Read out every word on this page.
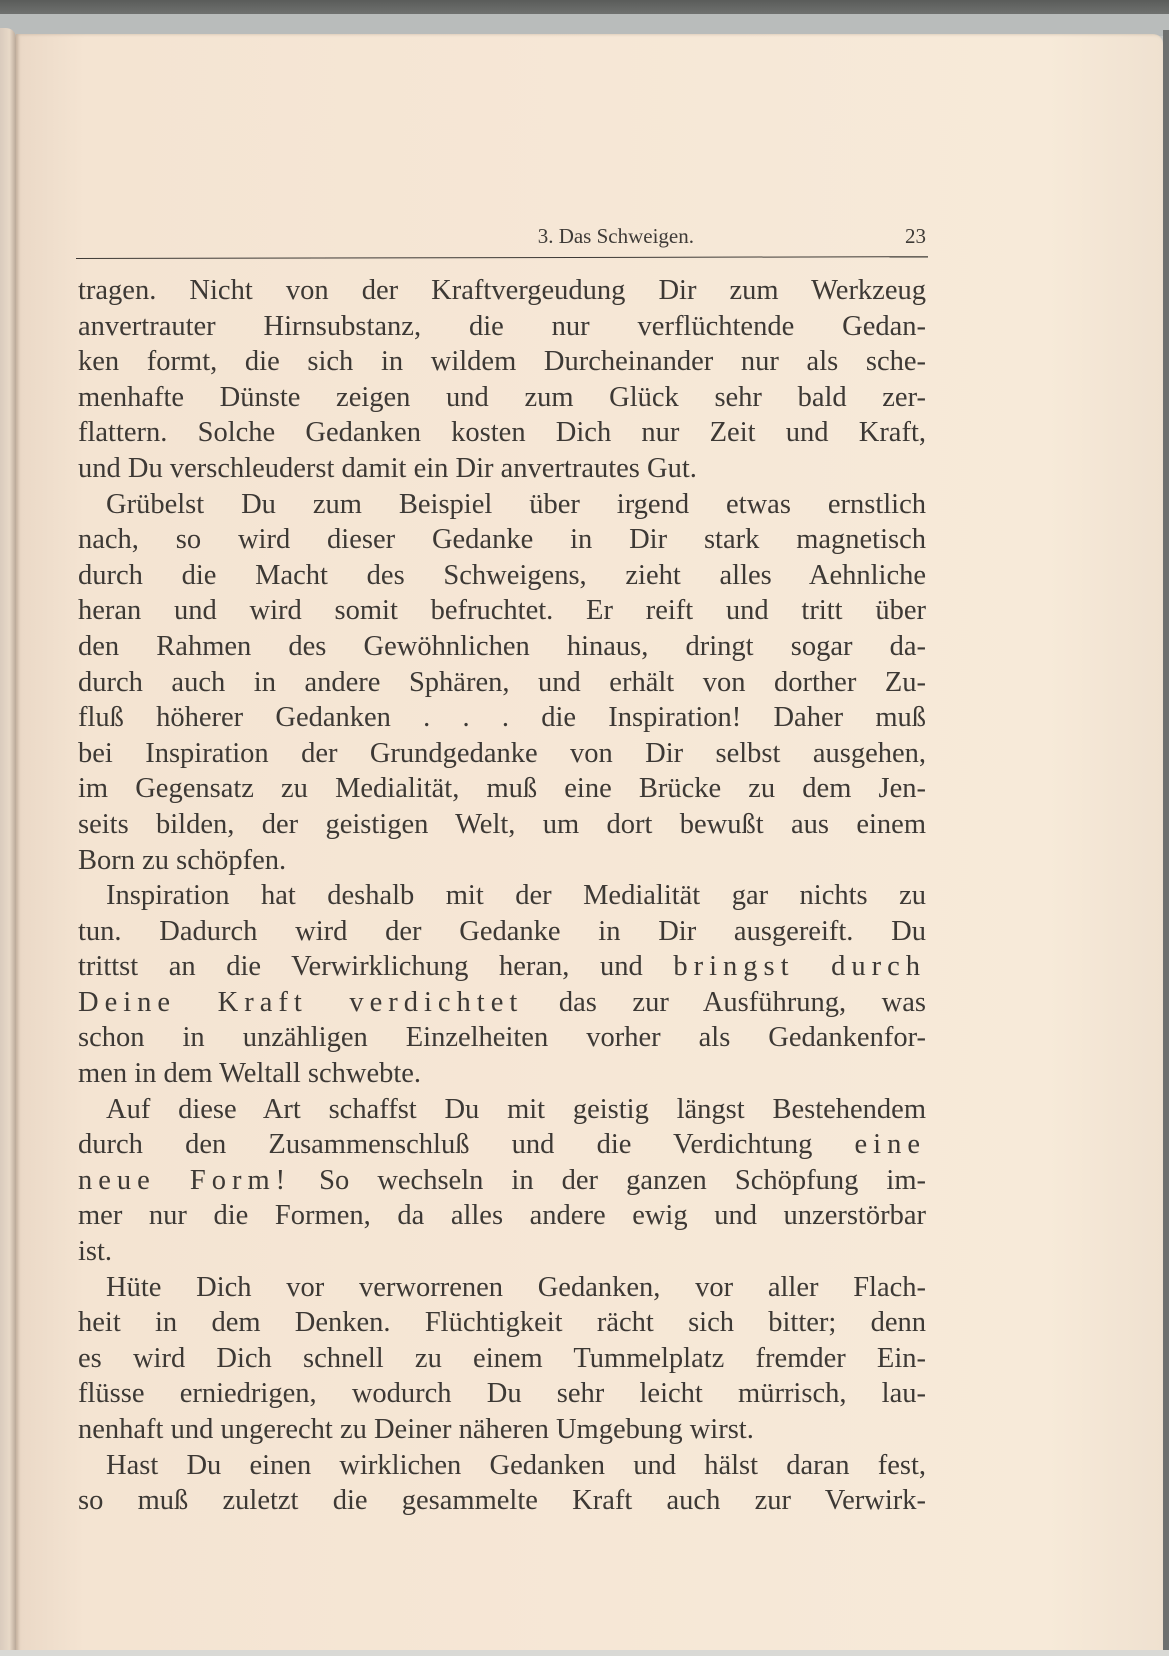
3. Das Schweigen.	23
tragen. Nicht von der Kraftvergeudung Dir zum Werkzeug
anvertrauter Hirnsubstanz, die nur verflüchtende Gedan-
ken formt, die sich in wildem Durcheinander nur als sche-
menhafte Dünste zeigen und zum Glück sehr bald zer-
flattern. Solche Gedanken kosten Dich nur Zeit und Kraft,
und Du verschleuderst damit ein Dir anvertrautes Gut.
Grübelst Du zum Beispiel über irgend etwas ernstlich
nach, so wird dieser Gedanke in Dir stark magnetisch
durch die Macht des Schweigens, zieht alles Aehnliche
heran und wird somit befruchtet. Er reift und tritt über
den Rahmen des Gewöhnlichen hinaus, dringt sogar da-
durch auch in andere Sphären, und erhält von dorther Zu-
fluß höherer Gedanken . . . die Inspiration! Daher muß
bei Inspiration der Grundgedanke von Dir selbst ausgehen,
im Gegensatz zu Medialität, muß eine Brücke zu dem Jen-
seits bilden, der geistigen Welt, um dort bewußt aus einem
Born zu schöpfen.
Inspiration hat deshalb mit der Medialität gar nichts zu
tun. Dadurch wird der Gedanke in Dir ausgereift. Du
trittst an die Verwirklichung heran, und bringst durch
Deine Kraft verdichtet das zur Ausführung, was
schon in unzähligen Einzelheiten vorher als Gedankenfor-
men in dem Weltall schwebte.
Auf diese Art schaffst Du mit geistig längst Bestehendem
durch den Zusammenschluß und die Verdichtung eine
neue Form! So wechseln in der ganzen Schöpfung im-
mer nur die Formen, da alles andere ewig und unzerstörbar
ist.
Hüte Dich vor verworrenen Gedanken, vor aller Flach-
heit in dem Denken. Flüchtigkeit rächt sich bitter; denn
es wird Dich schnell zu einem Tummelplatz fremder Ein-
flüsse erniedrigen, wodurch Du sehr leicht mürrisch, lau-
nenhaft und ungerecht zu Deiner näheren Umgebung wirst.
Hast Du einen wirklichen Gedanken und hälst daran fest,
so muß zuletzt die gesammelte Kraft auch zur Verwirk-
